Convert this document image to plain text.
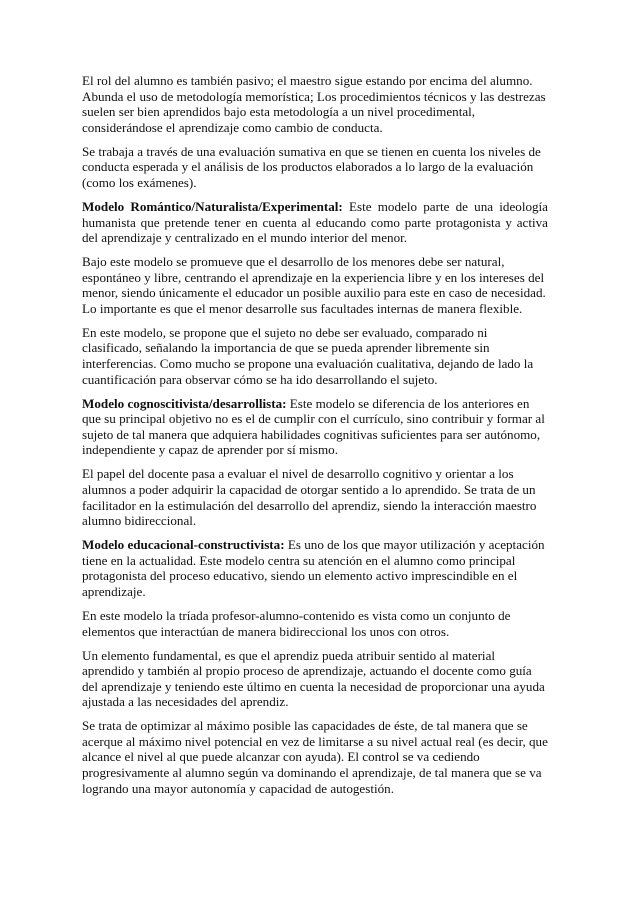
El rol del alumno es también pasivo; el maestro sigue estando por encima del alumno. Abunda el uso de metodología memorística; Los procedimientos técnicos y las destrezas suelen ser bien aprendidos bajo esta metodología a un nivel procedimental, considerándose el aprendizaje como cambio de conducta.

Se trabaja a través de una evaluación sumativa en que se tienen en cuenta los niveles de conducta esperada y el análisis de los productos elaborados a lo largo de la evaluación (como los exámenes).

Modelo Romántico/Naturalista/Experimental: Este modelo parte de una ideología humanista que pretende tener en cuenta al educando como parte protagonista y activa del aprendizaje y centralizado en el mundo interior del menor.

Bajo este modelo se promueve que el desarrollo de los menores debe ser natural, espontáneo y libre, centrando el aprendizaje en la experiencia libre y en los intereses del menor, siendo únicamente el educador un posible auxilio para este en caso de necesidad. Lo importante es que el menor desarrolle sus facultades internas de manera flexible.

En este modelo, se propone que el sujeto no debe ser evaluado, comparado ni clasificado, señalando la importancia de que se pueda aprender libremente sin interferencias. Como mucho se propone una evaluación cualitativa, dejando de lado la cuantificación para observar cómo se ha ido desarrollando el sujeto.

Modelo cognoscitivista/desarrollista: Este modelo se diferencia de los anteriores en que su principal objetivo no es el de cumplir con el currículo, sino contribuir y formar al sujeto de tal manera que adquiera habilidades cognitivas suficientes para ser autónomo, independiente y capaz de aprender por sí mismo.

El papel del docente pasa a evaluar el nivel de desarrollo cognitivo y orientar a los alumnos a poder adquirir la capacidad de otorgar sentido a lo aprendido. Se trata de un facilitador en la estimulación del desarrollo del aprendiz, siendo la interacción maestro alumno bidireccional.

Modelo educacional-constructivista: Es uno de los que mayor utilización y aceptación tiene en la actualidad. Este modelo centra su atención en el alumno como principal protagonista del proceso educativo, siendo un elemento activo imprescindible en el aprendizaje.

En este modelo la tríada profesor-alumno-contenido es vista como un conjunto de elementos que interactúan de manera bidireccional los unos con otros.

Un elemento fundamental, es que el aprendiz pueda atribuir sentido al material aprendido y también al propio proceso de aprendizaje, actuando el docente como guía del aprendizaje y teniendo este último en cuenta la necesidad de proporcionar una ayuda ajustada a las necesidades del aprendiz.

Se trata de optimizar al máximo posible las capacidades de éste, de tal manera que se acerque al máximo nivel potencial en vez de limitarse a su nivel actual real (es decir, que alcance el nivel al que puede alcanzar con ayuda). El control se va cediendo progresivamente al alumno según va dominando el aprendizaje, de tal manera que se va logrando una mayor autonomía y capacidad de autogestión.
